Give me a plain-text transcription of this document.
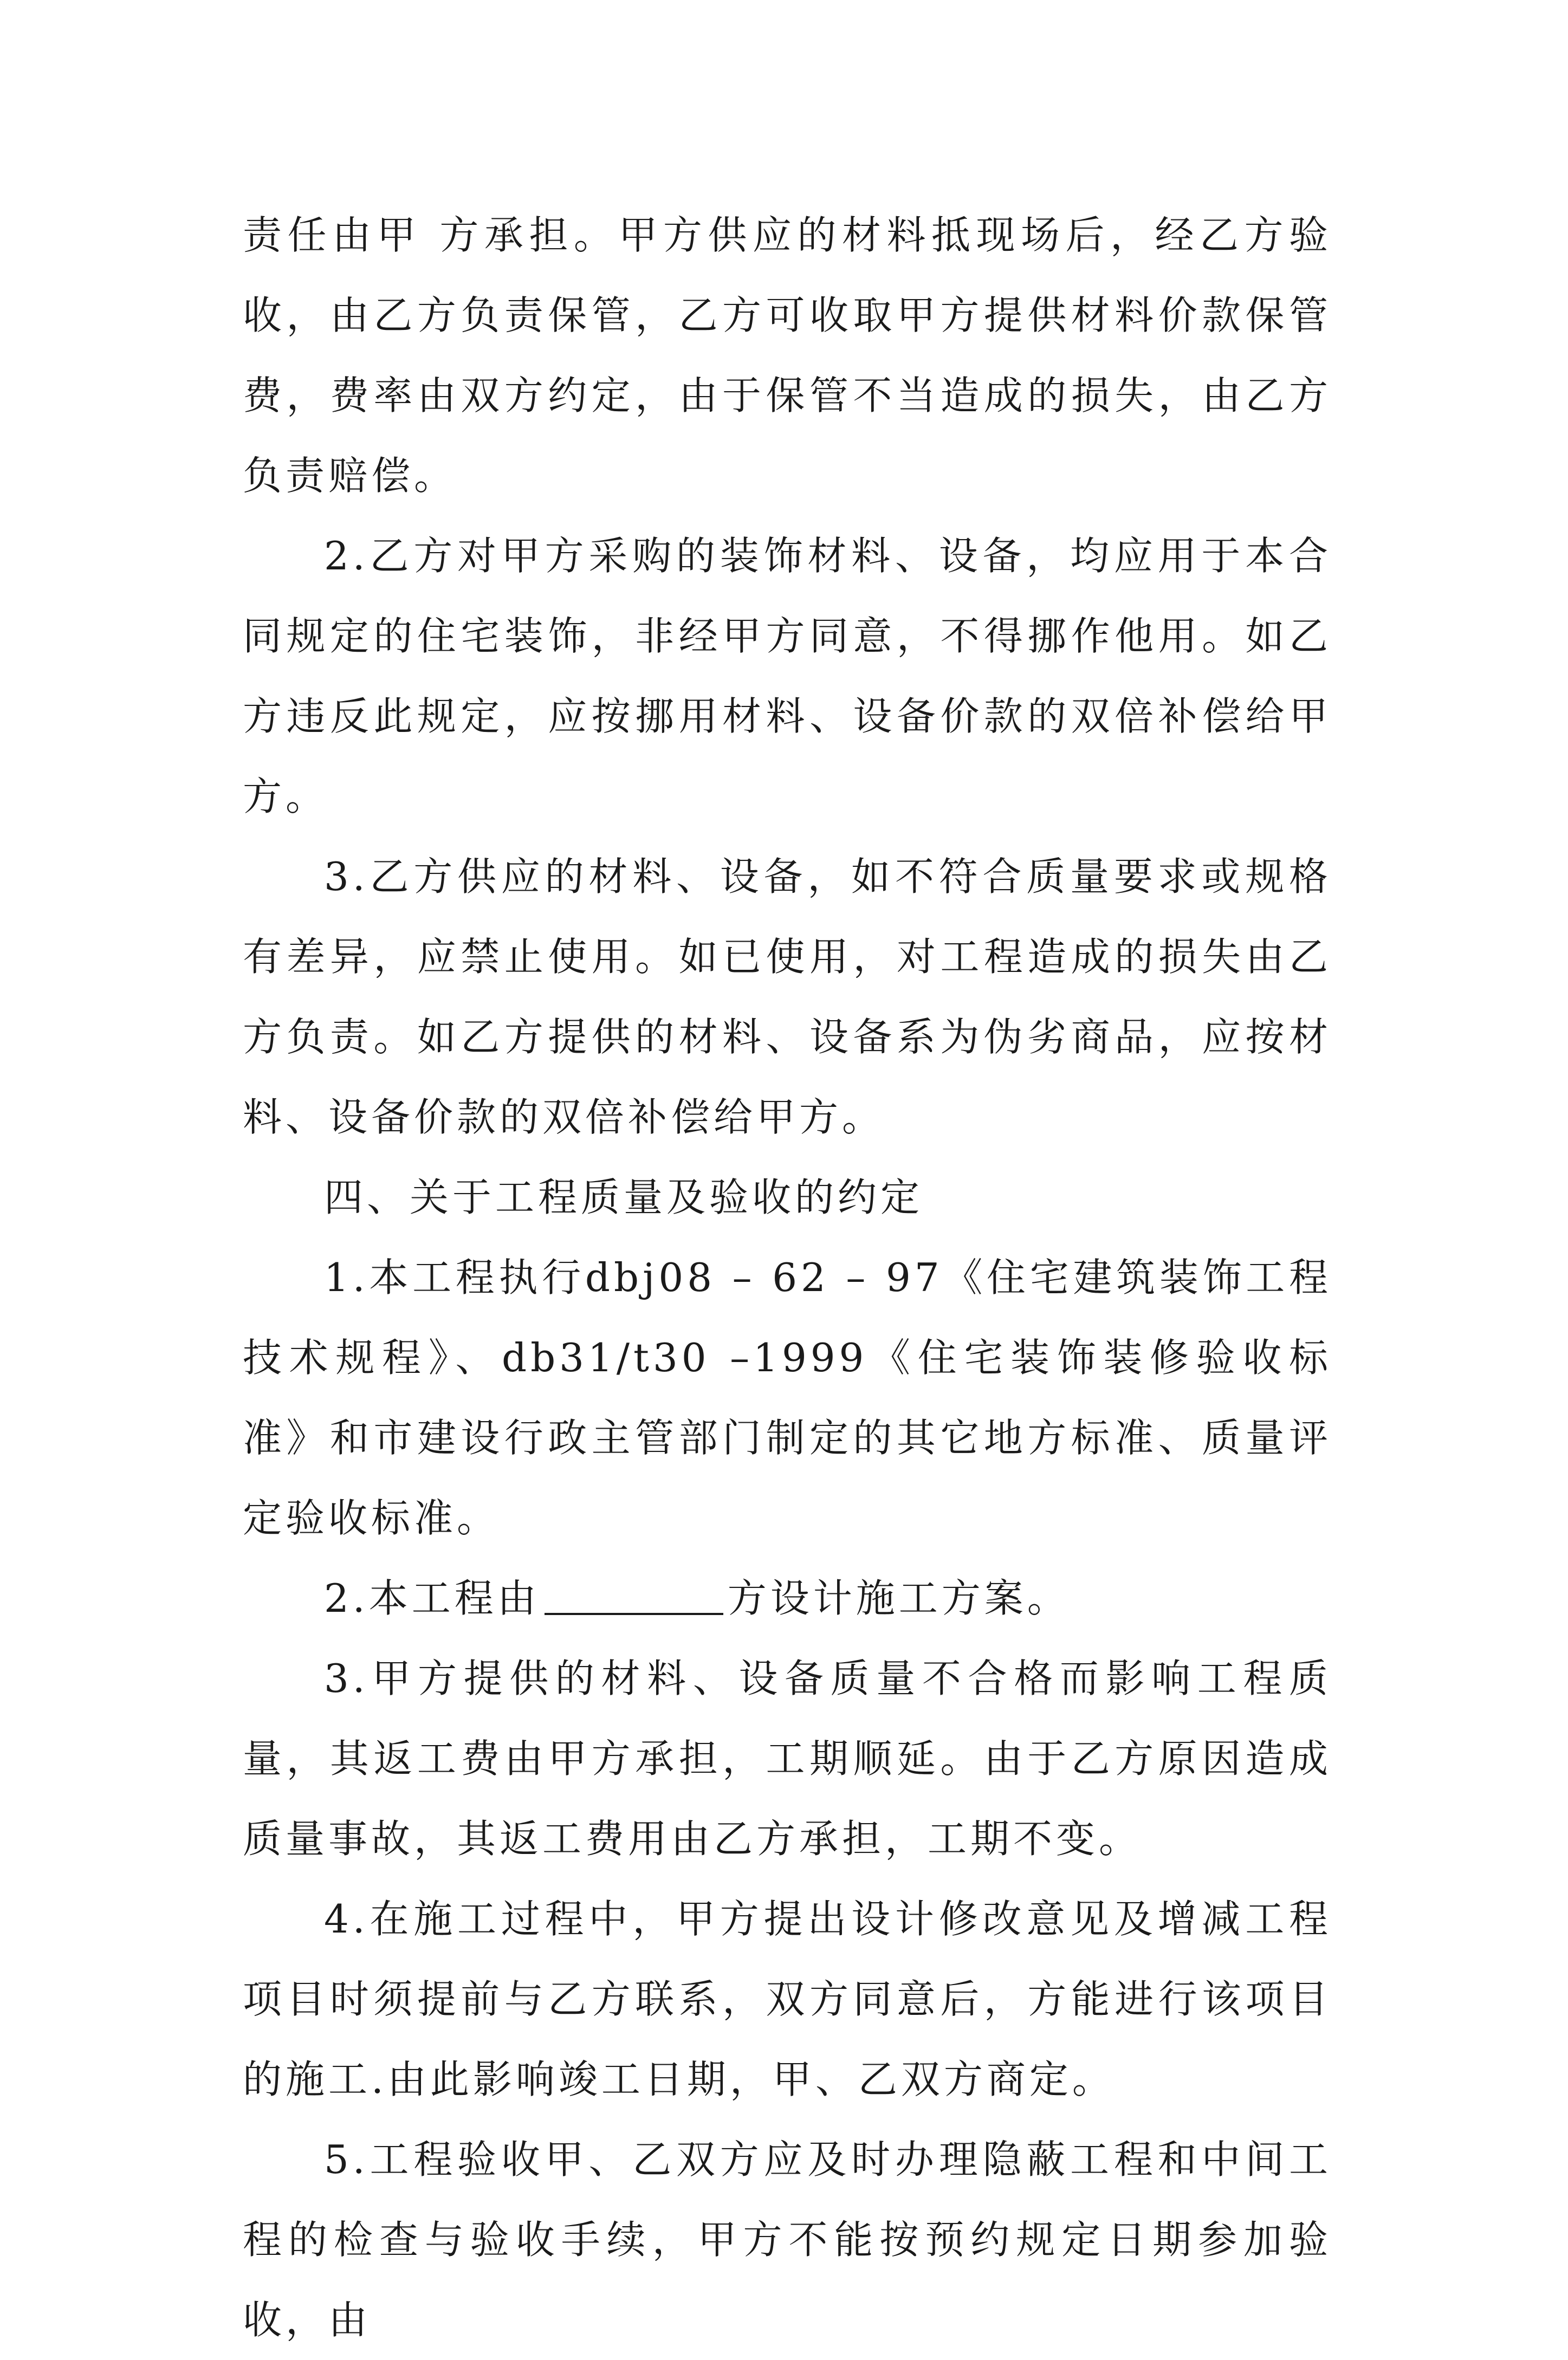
责任由甲 方承担。甲方供应的材料抵现场后，经乙方验收，由乙方负责保管，乙方可收取甲方提供材料价款保管费，费率由双方约定，由于保管不当造成的损失，由乙方负责赔偿。

2.乙方对甲方采购的装饰材料、设备，均应用于本合同规定的住宅装饰，非经甲方同意，不得挪作他用。如乙方违反此规定，应按挪用材料、设备价款的双倍补偿给甲方。

3.乙方供应的材料、设备，如不符合质量要求或规格有差异，应禁止使用。如已使用，对工程造成的损失由乙方负责。如乙方提供的材料、设备系为伪劣商品，应按材料、设备价款的双倍补偿给甲方。

四、关于工程质量及验收的约定

1.本工程执行dbj08 – 62 – 97《住宅建筑装饰工程技术规程》、db31/t30 –1999《住宅装饰装修验收标准》和市建设行政主管部门制定的其它地方标准、质量评定验收标准。

2.本工程由	方设计施工方案。

3.甲方提供的材料、设备质量不合格而影响工程质量，其返工费由甲方承担，工期顺延。由于乙方原因造成质量事故，其返工费用由乙方承担，工期不变。

4.在施工过程中，甲方提出设计修改意见及增减工程项目时须提前与乙方联系，双方同意后，方能进行该项目的施工.由此影响竣工日期，甲、乙双方商定。

5.工程验收甲、乙双方应及时办理隐蔽工程和中间工程的检查与验收手续，甲方不能按预约规定日期参加验收，由
